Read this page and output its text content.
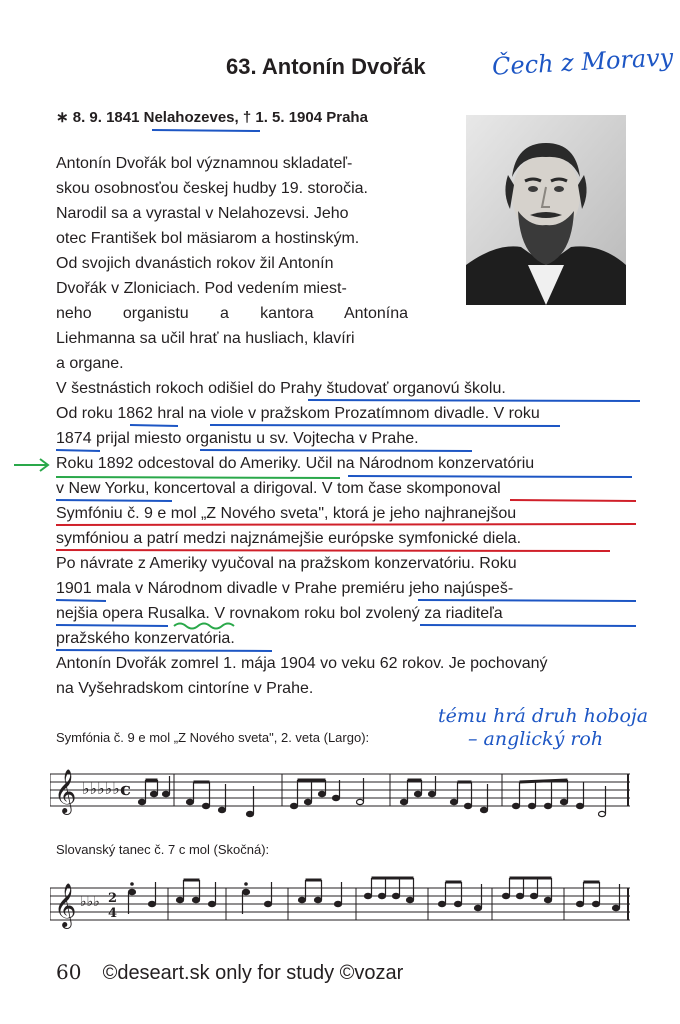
63. Antonín Dvořák	Čech z Moravy
∗ 8. 9. 1841 Nelahozeves, † 1. 5. 1904 Praha
Antonín Dvořák bol významnou skladateľ-
skou osobnosťou českej hudby 19. storočia.
Narodil sa a vyrastal v Nelahozevsi. Jeho
otec František bol mäsiarom a hostinským.
Od svojich dvanástich rokov žil Antonín
Dvořák v Zloniciach. Pod vedením miest-
neho organistu a kantora Antonína
Liehmanna sa učil hrať na husliach, klavíri
a organe.
V šestnástich rokoch odišiel do Prahy študovať organovú školu.
Od roku 1862 hral na viole v pražskom Prozatímnom divadle. V roku
1874 prijal miesto organistu u sv. Vojtecha v Prahe.
Roku 1892 odcestoval do Ameriky. Učil na Národnom konzervatóriu
v New Yorku, koncertoval a dirigoval. V tom čase skomponoval
Symfóniu č. 9 e mol „Z Nového sveta", ktorá je jeho najhranejšou
symfóniou a patrí medzi najznámejšie európske symfonické diela.
Po návrate z Ameriky vyučoval na pražskom konzervatóriu. Roku
1901 mala v Národnom divadle v Prahe premiéru jeho najúspeš-
nejšia opera Rusalka. V rovnakom roku bol zvolený za riaditeľa
pražského konzervatória.
Antonín Dvořák zomrel 1. mája 1904 vo veku 62 rokov. Je pochovaný
na Vyšehradskom cintoríne v Prahe.
Symfónia č. 9 e mol „Z Nového sveta", 2. veta (Largo):
tému hrá druh hoboja
– anglický roh
𝄞 ♭♭♭♭♭ c
Slovanský tanec č. 7 c mol (Skočná):
𝄞 ♭♭♭ 2
4
60 ©deseart.sk only for study ©vozar
